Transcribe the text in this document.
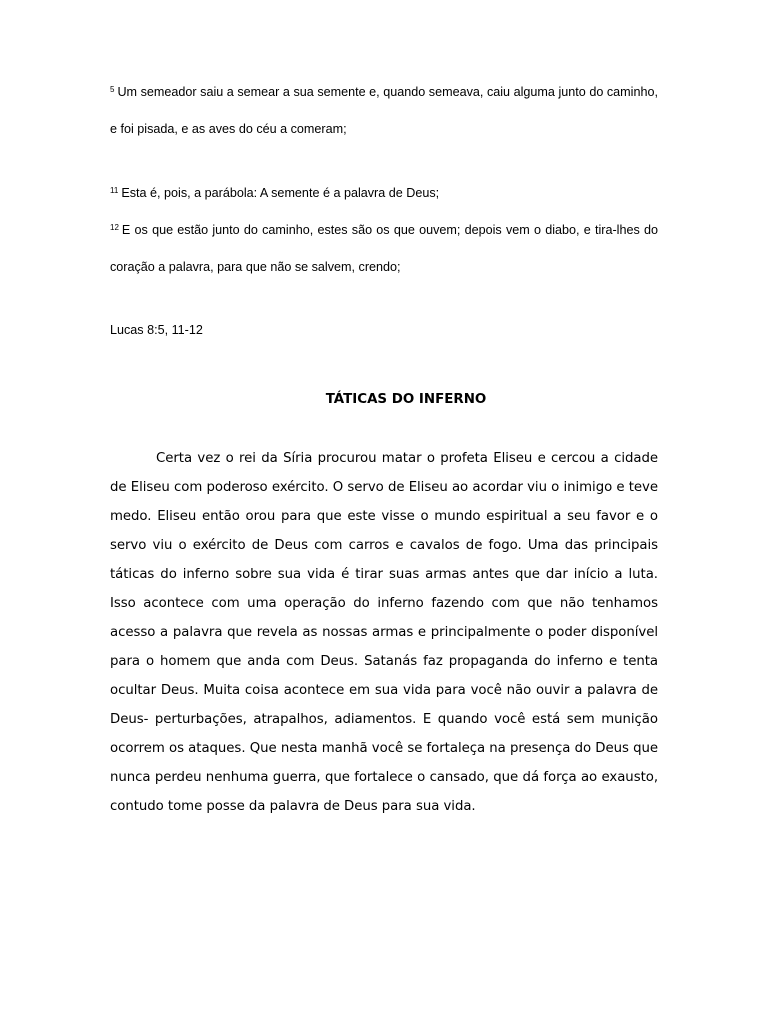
$^5$ Um semeador saiu a semear a sua semente e, quando semeava, caiu alguma junto do caminho, e foi pisada, e as aves do céu a comeram;

$^{11}$ Esta é, pois, a parábola: A semente é a palavra de Deus;

$^{12}$ E os que estão junto do caminho, estes são os que ouvem; depois vem o diabo, e tira-lhes do coração a palavra, para que não se salvem, crendo;

Lucas 8:5, 11-12

TÁTICAS DO INFERNO

Certa vez o rei da Síria procurou matar o profeta Eliseu e cercou a cidade de Eliseu com poderoso exército. O servo de Eliseu ao acordar viu o inimigo e teve medo. Eliseu então orou para que este visse o mundo espiritual a seu favor e o servo viu o exército de Deus com carros e cavalos de fogo. Uma das principais táticas do inferno sobre sua vida é tirar suas armas antes que dar início a luta. Isso acontece com uma operação do inferno fazendo com que não tenhamos acesso a palavra que revela as nossas armas e principalmente o poder disponível para o homem que anda com Deus. Satanás faz propaganda do inferno e tenta ocultar Deus. Muita coisa acontece em sua vida para você não ouvir a palavra de Deus- perturbações, atrapalhos, adiamentos. E quando você está sem munição ocorrem os ataques. Que nesta manhã você se fortaleça na presença do Deus que nunca perdeu nenhuma guerra, que fortalece o cansado, que dá força ao exausto, contudo tome posse da palavra de Deus para sua vida.
